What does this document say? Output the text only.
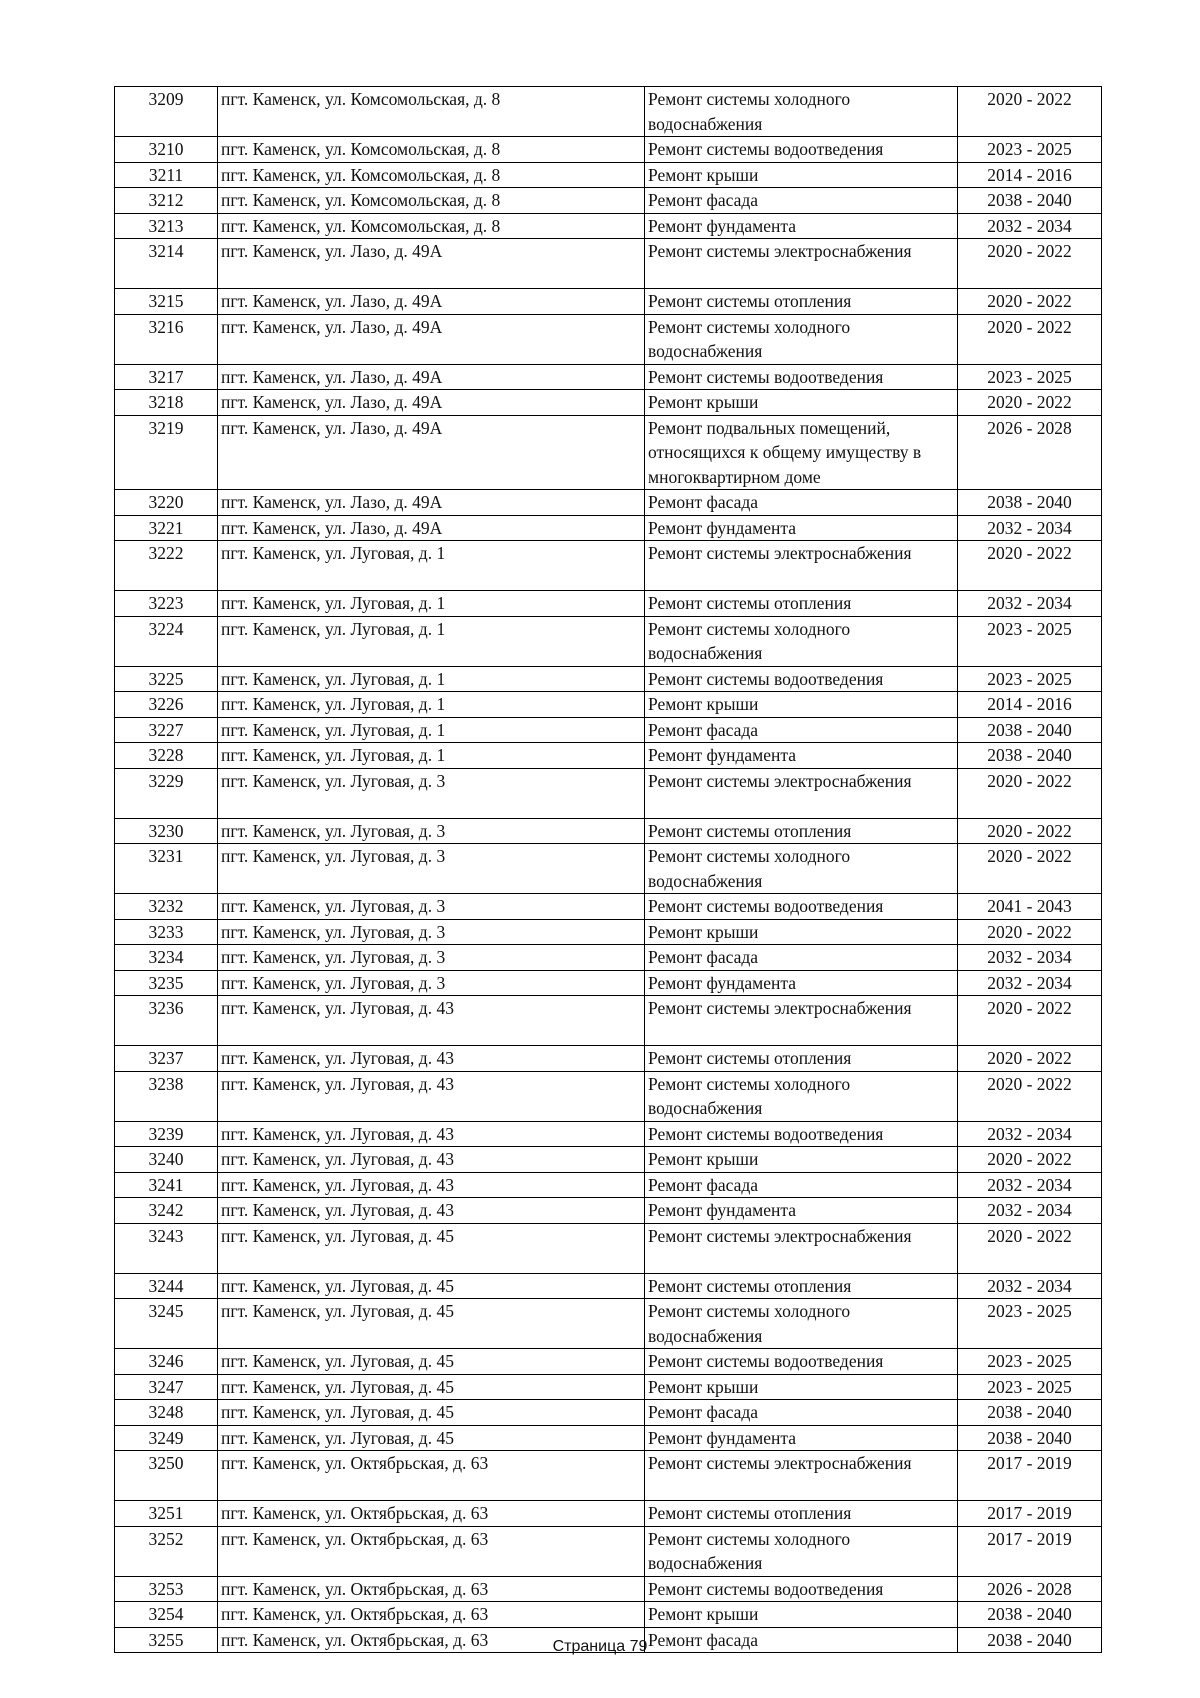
3209	пгт. Каменск, ул. Комсомольская, д. 8	Ремонт системы холодного водоснабжения	2020 - 2022
3210	пгт. Каменск, ул. Комсомольская, д. 8	Ремонт системы водоотведения	2023 - 2025
3211	пгт. Каменск, ул. Комсомольская, д. 8	Ремонт крыши	2014 - 2016
3212	пгт. Каменск, ул. Комсомольская, д. 8	Ремонт фасада	2038 - 2040
3213	пгт. Каменск, ул. Комсомольская, д. 8	Ремонт фундамента	2032 - 2034
3214	пгт. Каменск, ул. Лазо, д. 49А	Ремонт системы электроснабжения	2020 - 2022
3215	пгт. Каменск, ул. Лазо, д. 49А	Ремонт системы отопления	2020 - 2022
3216	пгт. Каменск, ул. Лазо, д. 49А	Ремонт системы холодного водоснабжения	2020 - 2022
3217	пгт. Каменск, ул. Лазо, д. 49А	Ремонт системы водоотведения	2023 - 2025
3218	пгт. Каменск, ул. Лазо, д. 49А	Ремонт крыши	2020 - 2022
3219	пгт. Каменск, ул. Лазо, д. 49А	Ремонт подвальных помещений, относящихся к общему имуществу в многоквартирном доме	2026 - 2028
3220	пгт. Каменск, ул. Лазо, д. 49А	Ремонт фасада	2038 - 2040
3221	пгт. Каменск, ул. Лазо, д. 49А	Ремонт фундамента	2032 - 2034
3222	пгт. Каменск, ул. Луговая, д. 1	Ремонт системы электроснабжения	2020 - 2022
3223	пгт. Каменск, ул. Луговая, д. 1	Ремонт системы отопления	2032 - 2034
3224	пгт. Каменск, ул. Луговая, д. 1	Ремонт системы холодного водоснабжения	2023 - 2025
3225	пгт. Каменск, ул. Луговая, д. 1	Ремонт системы водоотведения	2023 - 2025
3226	пгт. Каменск, ул. Луговая, д. 1	Ремонт крыши	2014 - 2016
3227	пгт. Каменск, ул. Луговая, д. 1	Ремонт фасада	2038 - 2040
3228	пгт. Каменск, ул. Луговая, д. 1	Ремонт фундамента	2038 - 2040
3229	пгт. Каменск, ул. Луговая, д. 3	Ремонт системы электроснабжения	2020 - 2022
3230	пгт. Каменск, ул. Луговая, д. 3	Ремонт системы отопления	2020 - 2022
3231	пгт. Каменск, ул. Луговая, д. 3	Ремонт системы холодного водоснабжения	2020 - 2022
3232	пгт. Каменск, ул. Луговая, д. 3	Ремонт системы водоотведения	2041 - 2043
3233	пгт. Каменск, ул. Луговая, д. 3	Ремонт крыши	2020 - 2022
3234	пгт. Каменск, ул. Луговая, д. 3	Ремонт фасада	2032 - 2034
3235	пгт. Каменск, ул. Луговая, д. 3	Ремонт фундамента	2032 - 2034
3236	пгт. Каменск, ул. Луговая, д. 43	Ремонт системы электроснабжения	2020 - 2022
3237	пгт. Каменск, ул. Луговая, д. 43	Ремонт системы отопления	2020 - 2022
3238	пгт. Каменск, ул. Луговая, д. 43	Ремонт системы холодного водоснабжения	2020 - 2022
3239	пгт. Каменск, ул. Луговая, д. 43	Ремонт системы водоотведения	2032 - 2034
3240	пгт. Каменск, ул. Луговая, д. 43	Ремонт крыши	2020 - 2022
3241	пгт. Каменск, ул. Луговая, д. 43	Ремонт фасада	2032 - 2034
3242	пгт. Каменск, ул. Луговая, д. 43	Ремонт фундамента	2032 - 2034
3243	пгт. Каменск, ул. Луговая, д. 45	Ремонт системы электроснабжения	2020 - 2022
3244	пгт. Каменск, ул. Луговая, д. 45	Ремонт системы отопления	2032 - 2034
3245	пгт. Каменск, ул. Луговая, д. 45	Ремонт системы холодного водоснабжения	2023 - 2025
3246	пгт. Каменск, ул. Луговая, д. 45	Ремонт системы водоотведения	2023 - 2025
3247	пгт. Каменск, ул. Луговая, д. 45	Ремонт крыши	2023 - 2025
3248	пгт. Каменск, ул. Луговая, д. 45	Ремонт фасада	2038 - 2040
3249	пгт. Каменск, ул. Луговая, д. 45	Ремонт фундамента	2038 - 2040
3250	пгт. Каменск, ул. Октябрьская, д. 63	Ремонт системы электроснабжения	2017 - 2019
3251	пгт. Каменск, ул. Октябрьская, д. 63	Ремонт системы отопления	2017 - 2019
3252	пгт. Каменск, ул. Октябрьская, д. 63	Ремонт системы холодного водоснабжения	2017 - 2019
3253	пгт. Каменск, ул. Октябрьская, д. 63	Ремонт системы водоотведения	2026 - 2028
3254	пгт. Каменск, ул. Октябрьская, д. 63	Ремонт крыши	2038 - 2040
3255	пгт. Каменск, ул. Октябрьская, д. 63	Ремонт фасада	2038 - 2040
Страница 79
